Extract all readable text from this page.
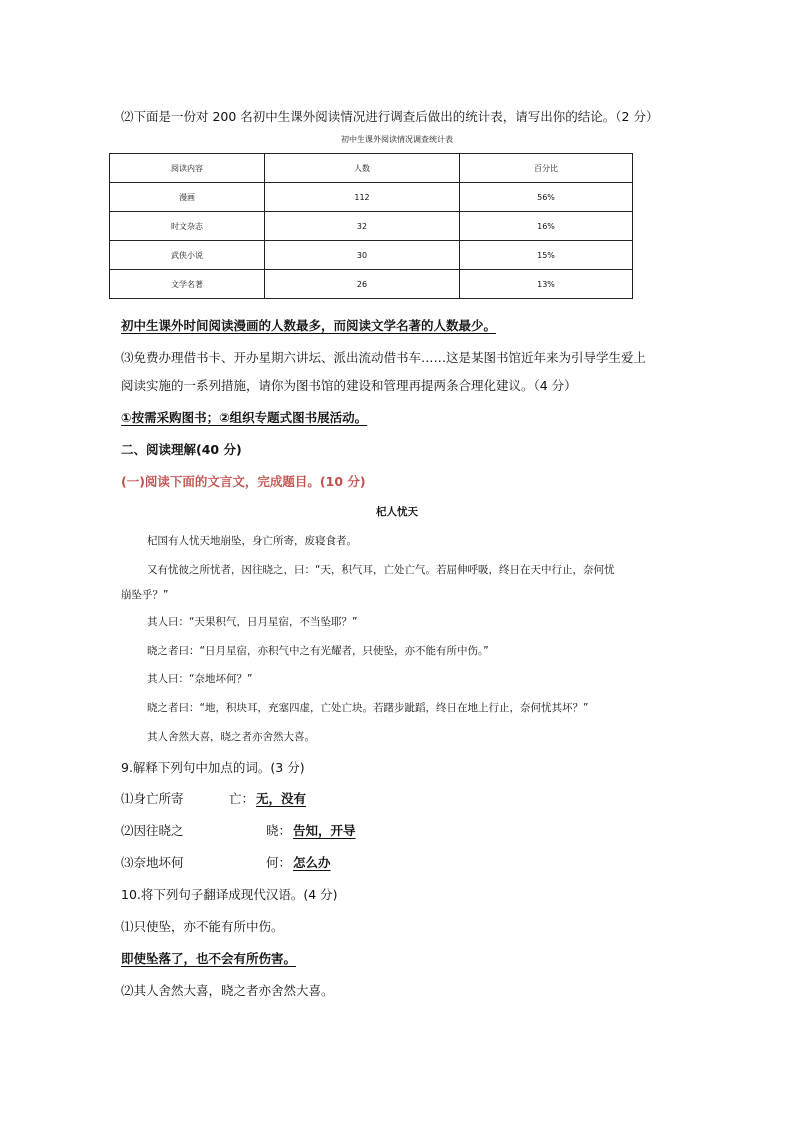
⑵下面是一份对 200 名初中生课外阅读情况进行调查后做出的统计表，请写出你的结论。（2 分）
初中生课外阅读情况调查统计表
阅读内容	人数	百分比
漫画	112	56%
时文杂志	32	16%
武侠小说	30	15%
文学名著	26	13%
初中生课外时间阅读漫画的人数最多，而阅读文学名著的人数最少。
⑶免费办理借书卡、开办星期六讲坛、派出流动借书车……这是某图书馆近年来为引导学生爱上
阅读实施的一系列措施，请你为图书馆的建设和管理再提两条合理化建议。（4 分）
①按需采购图书；②组织专题式图书展活动。
二、阅读理解(40 分)
(一)阅读下面的文言文，完成题目。(10 分)
杞人忧天
杞国有人忧天地崩坠，身亡所寄，废寝食者。
又有忧彼之所忧者，因往晓之，曰：“天，积气耳，亡处亡气。若屈伸呼吸，终日在天中行止，奈何忧
崩坠乎？”
其人曰：“天果积气，日月星宿，不当坠耶？”
晓之者曰：“日月星宿，亦积气中之有光耀者，只使坠，亦不能有所中伤。”
其人曰：“奈地坏何？”
晓之者曰：“地，积块耳，充塞四虚，亡处亡块。若躇步跐蹈，终日在地上行止，奈何忧其坏？”
其人舍然大喜，晓之者亦舍然大喜。
9.解释下列句中加点的词。(3 分)
⑴身亡所寄	亡： 无，没有
⑵因往晓之	晓： 告知，开导
⑶奈地坏何	何： 怎么办
10.将下列句子翻译成现代汉语。(4 分)
⑴只使坠，亦不能有所中伤。
即使坠落了，也不会有所伤害。
⑵其人舍然大喜，晓之者亦舍然大喜。
